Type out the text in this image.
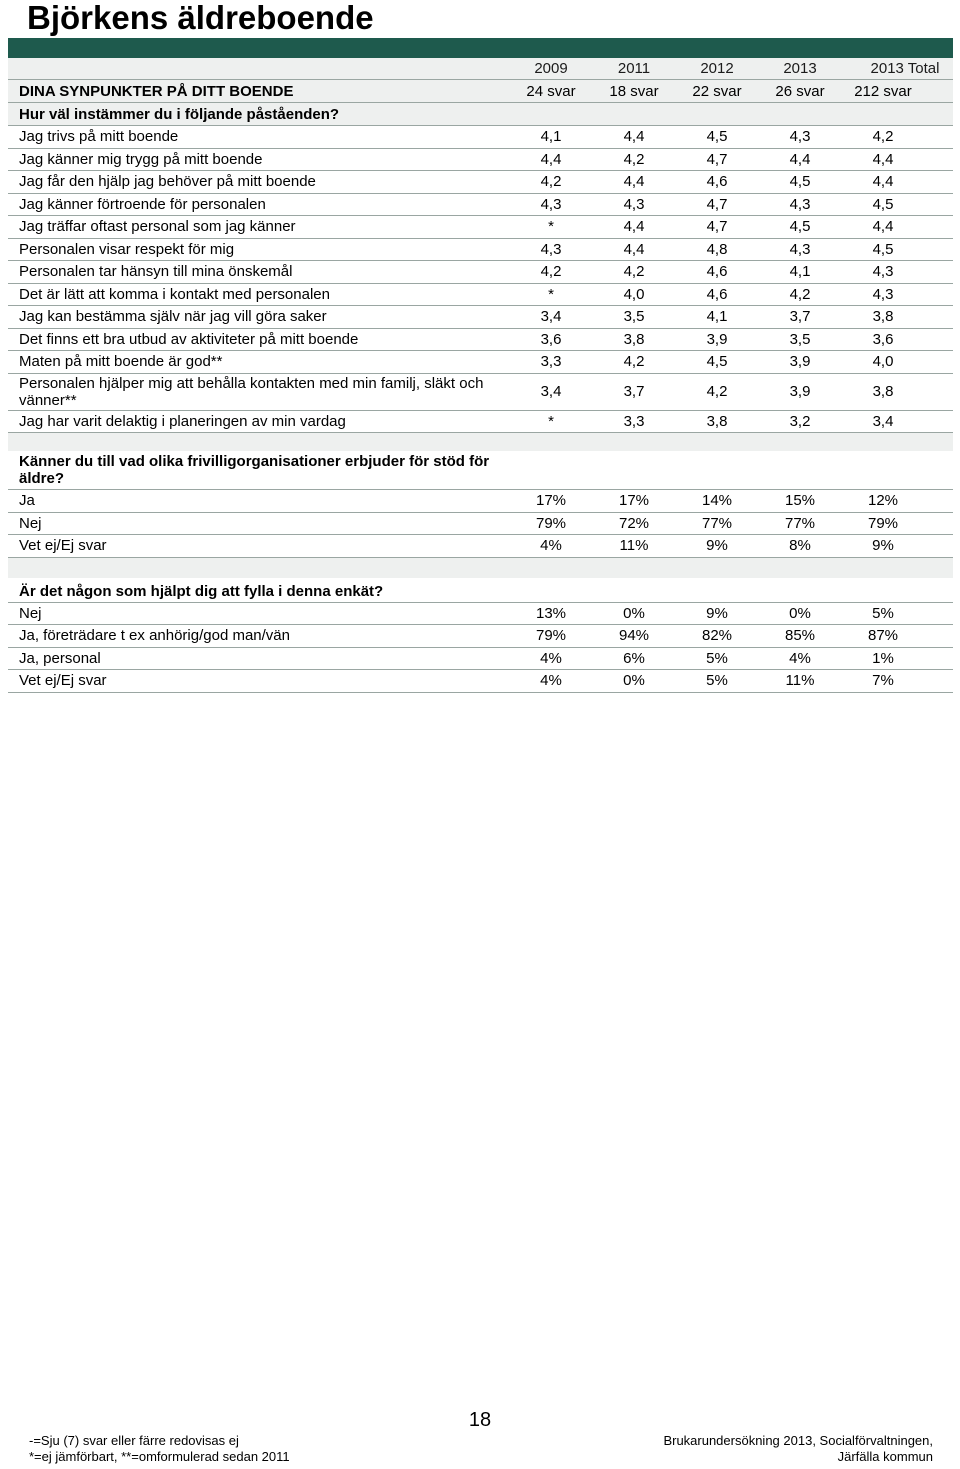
Björkens äldreboende
2009	2011	2012	2013	2013 Total
DINA SYNPUNKTER PÅ DITT BOENDE	24 svar	18 svar	22 svar	26 svar	212 svar
Hur väl instämmer du i följande påståenden?
Jag trivs på mitt boende	4,1	4,4	4,5	4,3	4,2
Jag känner mig trygg på mitt boende	4,4	4,2	4,7	4,4	4,4
Jag får den hjälp jag behöver på mitt boende	4,2	4,4	4,6	4,5	4,4
Jag känner förtroende för personalen	4,3	4,3	4,7	4,3	4,5
Jag träffar oftast personal som jag känner	*	4,4	4,7	4,5	4,4
Personalen visar respekt för mig	4,3	4,4	4,8	4,3	4,5
Personalen tar hänsyn till mina önskemål	4,2	4,2	4,6	4,1	4,3
Det är lätt att komma i kontakt med personalen	*	4,0	4,6	4,2	4,3
Jag kan bestämma själv när jag vill göra saker	3,4	3,5	4,1	3,7	3,8
Det finns ett bra utbud av aktiviteter på mitt boende	3,6	3,8	3,9	3,5	3,6
Maten på mitt boende är god**	3,3	4,2	4,5	3,9	4,0
Personalen hjälper mig att behålla kontakten med min familj, släkt och vänner**	3,4	3,7	4,2	3,9	3,8
Jag har varit delaktig i planeringen av min vardag	*	3,3	3,8	3,2	3,4
Känner du till vad olika frivilligorganisationer erbjuder för stöd för äldre?
Ja	17%	17%	14%	15%	12%
Nej	79%	72%	77%	77%	79%
Vet ej/Ej svar	4%	11%	9%	8%	9%
Är det någon som hjälpt dig att fylla i denna enkät?
Nej	13%	0%	9%	0%	5%
Ja, företrädare t ex anhörig/god man/vän	79%	94%	82%	85%	87%
Ja, personal	4%	6%	5%	4%	1%
Vet ej/Ej svar	4%	0%	5%	11%	7%
18
-=Sju (7) svar eller färre redovisas ej
*=ej jämförbart, **=omformulerad sedan 2011
Brukarundersökning 2013, Socialförvaltningen,
Järfälla kommun
